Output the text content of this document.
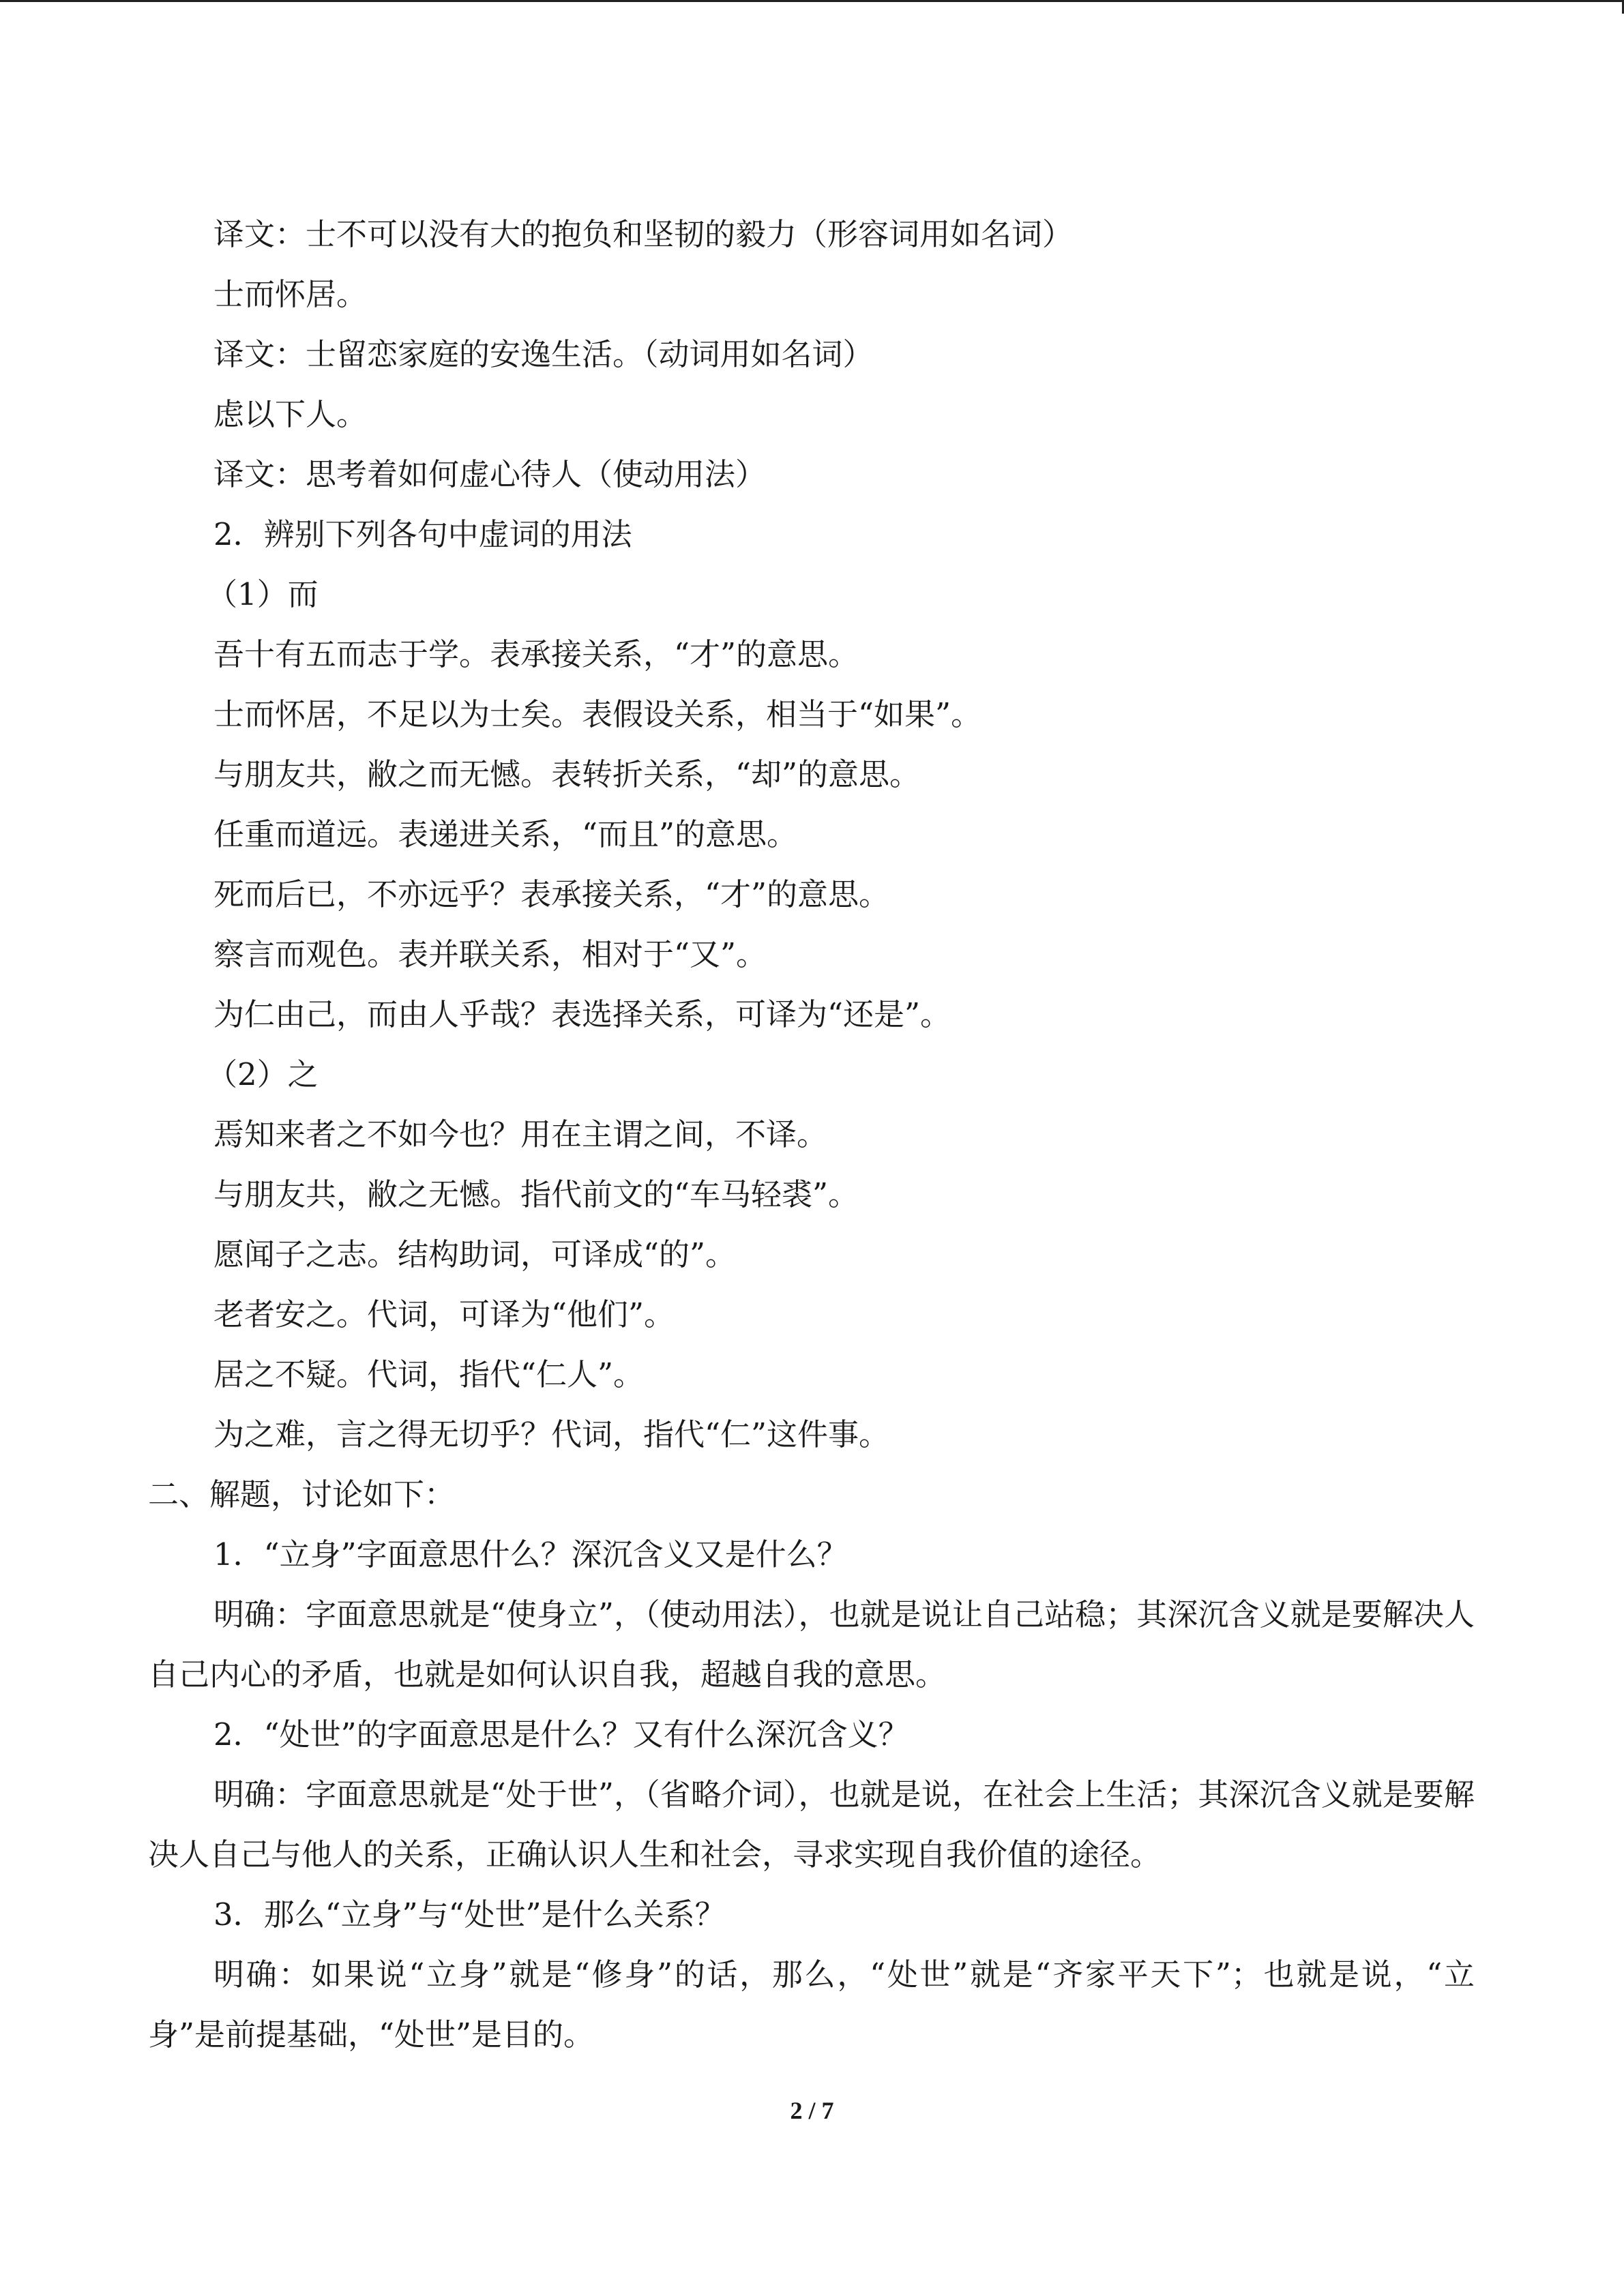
译文：士不可以没有大的抱负和坚韧的毅力（形容词用如名词）
士而怀居。
译文：士留恋家庭的安逸生活。（动词用如名词）
虑以下人。
译文：思考着如何虚心待人（使动用法）
2．辨别下列各句中虚词的用法
（1）而
吾十有五而志于学。表承接关系，“才”的意思。
士而怀居，不足以为士矣。表假设关系，相当于“如果”。
与朋友共，敝之而无憾。表转折关系，“却”的意思。
任重而道远。表递进关系，“而且”的意思。
死而后已，不亦远乎？表承接关系，“才”的意思。
察言而观色。表并联关系，相对于“又”。
为仁由己，而由人乎哉？表选择关系，可译为“还是”。
（2）之
焉知来者之不如今也？用在主谓之间，不译。
与朋友共，敝之无憾。指代前文的“车马轻裘”。
愿闻子之志。结构助词，可译成“的”。
老者安之。代词，可译为“他们”。
居之不疑。代词，指代“仁人”。
为之难，言之得无切乎？代词，指代“仁”这件事。
二、解题，讨论如下：
1．“立身”字面意思什么？深沉含义又是什么？
明确：字面意思就是“使身立”，（使动用法），也就是说让自己站稳；其深沉含义就是要解决人自己内心的矛盾，也就是如何认识自我，超越自我的意思。
2．“处世”的字面意思是什么？又有什么深沉含义？
明确：字面意思就是“处于世”，（省略介词），也就是说，在社会上生活；其深沉含义就是要解决人自己与他人的关系，正确认识人生和社会，寻求实现自我价值的途径。
3．那么“立身”与“处世”是什么关系？
明确：如果说“立身”就是“修身”的话，那么，“处世”就是“齐家平天下”；也就是说，“立身”是前提基础，“处世”是目的。
2 / 7
